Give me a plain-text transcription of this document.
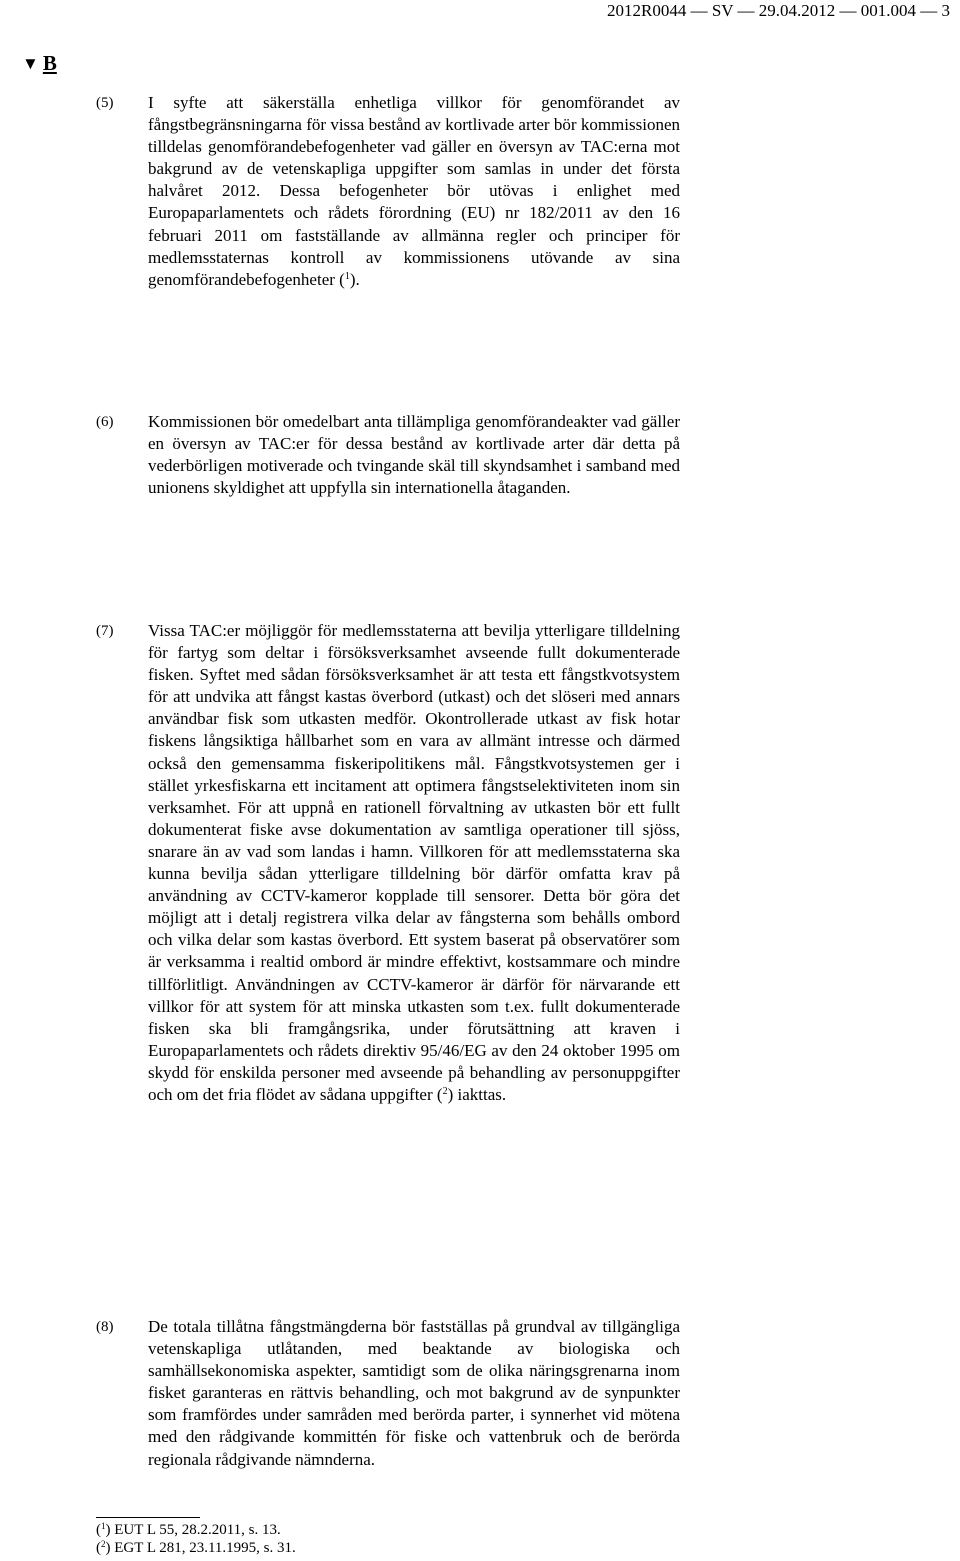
2012R0044 — SV — 29.04.2012 — 001.004 — 3
▼ B
(5) I syfte att säkerställa enhetliga villkor för genomförandet av fångstbegränsningarna för vissa bestånd av kortlivade arter bör kommissionen tilldelas genomförandebefogenheter vad gäller en översyn av TAC:erna mot bakgrund av de vetenskapliga uppgifter som samlas in under det första halvåret 2012. Dessa befogenheter bör utövas i enlighet med Europaparlamentets och rådets förordning (EU) nr 182/2011 av den 16 februari 2011 om fastställande av allmänna regler och principer för medlemsstaternas kontroll av kommissionens utövande av sina genomförandebefogenheter ($^1$).

(6) Kommissionen bör omedelbart anta tillämpliga genomförandeakter vad gäller en översyn av TAC:er för dessa bestånd av kortlivade arter där detta på vederbörligen motiverade och tvingande skäl till skyndsamhet i samband med unionens skyldighet att uppfylla sin internationella åtaganden.

(7) Vissa TAC:er möjliggör för medlemsstaterna att bevilja ytterligare tilldelning för fartyg som deltar i försöksverksamhet avseende fullt dokumenterade fisken. Syftet med sådan försöksverksamhet är att testa ett fångstkvotsystem för att undvika att fångst kastas överbord (utkast) och det slöseri med annars användbar fisk som utkasten medför. Okontrollerade utkast av fisk hotar fiskens långsiktiga hållbarhet som en vara av allmänt intresse och därmed också den gemensamma fiskeripolitikens mål. Fångstkvotsystemen ger i stället yrkesfiskarna ett incitament att optimera fångstselektiviteten inom sin verksamhet. För att uppnå en rationell förvaltning av utkasten bör ett fullt dokumenterat fiske avse dokumentation av samtliga operationer till sjöss, snarare än av vad som landas i hamn. Villkoren för att medlemsstaterna ska kunna bevilja sådan ytterligare tilldelning bör därför omfatta krav på användning av CCTV-kameror kopplade till sensorer. Detta bör göra det möjligt att i detalj registrera vilka delar av fångsterna som behålls ombord och vilka delar som kastas överbord. Ett system baserat på observatörer som är verksamma i realtid ombord är mindre effektivt, kostsammare och mindre tillförlitligt. Användningen av CCTV-kameror är därför för närvarande ett villkor för att system för att minska utkasten som t.ex. fullt dokumenterade fisken ska bli framgångsrika, under förutsättning att kraven i Europaparlamentets och rådets direktiv 95/46/EG av den 24 oktober 1995 om skydd för enskilda personer med avseende på behandling av personuppgifter och om det fria flödet av sådana uppgifter ($^2$) iakttas.

(8) De totala tillåtna fångstmängderna bör fastställas på grundval av tillgängliga vetenskapliga utlåtanden, med beaktande av biologiska och samhällsekonomiska aspekter, samtidigt som de olika näringsgrenarna inom fisket garanteras en rättvis behandling, och mot bakgrund av de synpunkter som framfördes under samråden med berörda parter, i synnerhet vid mötena med den rådgivande kommittén för fiske och vattenbruk och de berörda regionala rådgivande nämnderna.

($^1$) EUT L 55, 28.2.2011, s. 13.
($^2$) EGT L 281, 23.11.1995, s. 31.
